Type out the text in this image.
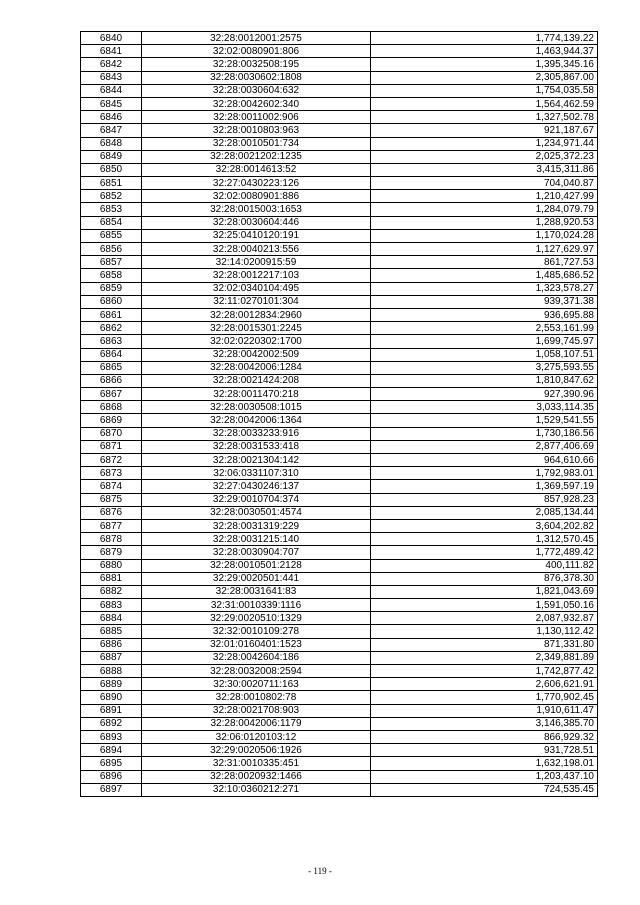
6840	32:28:0012001:2575	1,774,139.22
6841	32:02:0080901:806	1,463,944.37
6842	32:28:0032508:195	1,395,345.16
6843	32:28:0030602:1808	2,305,867.00
6844	32:28:0030604:632	1,754,035.58
6845	32:28:0042602:340	1,564,462.59
6846	32:28:0011002:906	1,327,502.78
6847	32:28:0010803:963	921,187.67
6848	32:28:0010501:734	1,234,971.44
6849	32:28:0021202:1235	2,025,372.23
6850	32:28:0014613:52	3,415,311.86
6851	32:27:0430223:126	704,040.87
6852	32:02:0080901:886	1,210,427.99
6853	32:28:0015003:1653	1,284,079.79
6854	32:28:0030604:446	1,288,920.53
6855	32:25:0410120:191	1,170,024.28
6856	32:28:0040213:556	1,127,629.97
6857	32:14:0200915:59	861,727.53
6858	32:28:0012217:103	1,485,686.52
6859	32:02:0340104:495	1,323,578.27
6860	32:11:0270101:304	939,371.38
6861	32:28:0012834:2960	936,695.88
6862	32:28:0015301:2245	2,553,161.99
6863	32:02:0220302:1700	1,699,745.97
6864	32:28:0042002:509	1,058,107.51
6865	32:28:0042006:1284	3,275,593.55
6866	32:28:0021424:208	1,810,847.62
6867	32:28:0011470:218	927,390.96
6868	32:28:0030508:1015	3,033,114.35
6869	32:28:0042006:1364	1,529,541.55
6870	32:28:0033233:916	1,730,186.56
6871	32:28:0031533:418	2,877,406.69
6872	32:28:0021304:142	964,610.66
6873	32:06:0331107:310	1,792,983.01
6874	32:27:0430246:137	1,369,597.19
6875	32:29:0010704:374	857,928.23
6876	32:28:0030501:4574	2,085,134.44
6877	32:28:0031319:229	3,604,202.82
6878	32:28:0031215:140	1,312,570.45
6879	32:28:0030904:707	1,772,489.42
6880	32:28:0010501:2128	400,111.82
6881	32:29:0020501:441	876,378.30
6882	32:28:0031641:83	1,821,043.69
6883	32:31:0010339:1116	1,591,050.16
6884	32:29:0020510:1329	2,087,932.87
6885	32:32:0010109:278	1,130,112.42
6886	32:01:0160401:1523	871,331.80
6887	32:28:0042604:186	2,349,881.89
6888	32:28:0032008:2594	1,742,877.42
6889	32:30:0020711:163	2,606,621.91
6890	32:28:0010802:78	1,770,902.45
6891	32:28:0021708:903	1,910,611.47
6892	32:28:0042006:1179	3,146,385.70
6893	32:06:0120103:12	866,929.32
6894	32:29:0020506:1926	931,728.51
6895	32:31:0010335:451	1,632,198.01
6896	32:28:0020932:1466	1,203,437.10
6897	32:10:0360212:271	724,535.45
- 119 -
